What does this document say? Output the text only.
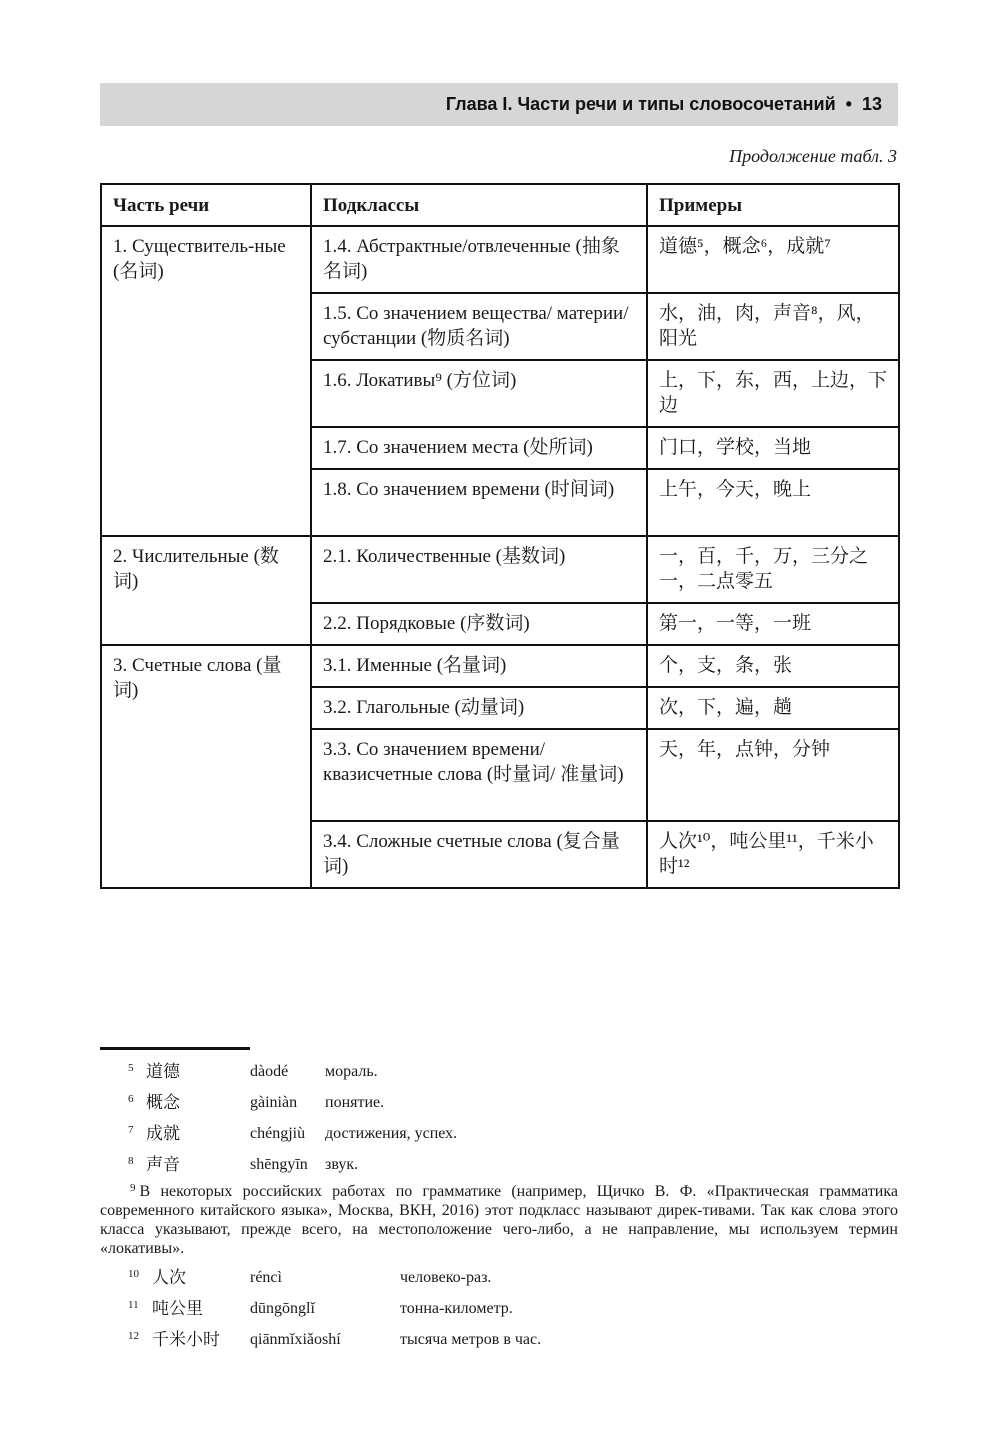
Глава I. Части речи и типы словосочетаний • 13
Продолжение табл. 3
Часть речи	Подклассы	Примеры
1. Существитель-ные (名词)	1.4. Абстрактные/отвлеченные (抽象名词)	道德⁵，概念⁶，成就⁷
	1.5. Со значением вещества/ материи/субстанции (物质名词)	水，油，肉，声音⁸，风，阳光
	1.6. Локативы⁹ (方位词)	上，下，东，西，上边，下边
	1.7. Со значением места (处所词)	门口，学校，当地
	1.8. Со значением времени (时间词)	上午，今天，晚上
2. Числительные (数词)	2.1. Количественные (基数词)	一，百，千，万，三分之一，二点零五
	2.2. Порядковые (序数词)	第一，一等，一班
3. Счетные слова (量词)	3.1. Именные (名量词)	个，支，条，张
	3.2. Глагольные (动量词)	次，下，遍，趟
	3.3. Со значением времени/ квазисчетные слова (时量词/ 准量词)	天，年，点钟，分钟
	3.4. Сложные счетные слова (复合量词)	人次¹⁰，吨公里¹¹，千米小时¹²
5 道德	dàodé мораль.
6 概念	gàiniàn понятие.
7 成就	chéngjiù достижения, успех.
8 声音	shēngyīn звук.
$^9$ В некоторых российских работах по грамматике (например, Щичко В. Ф. «Практическая грамматика современного китайского языка», Москва, ВКН, 2016) этот подкласс называют дирек-тивами. Так как слова этого класса указывают, прежде всего, на местоположение чего-либо, а не направление, мы используем термин «локативы».
10 人次	réncì	человеко-раз.
11 吨公里	dūngōnglǐ	тонна-километр.
12 千米小时 qiānmǐxiǎoshí	тысяча метров в час.
